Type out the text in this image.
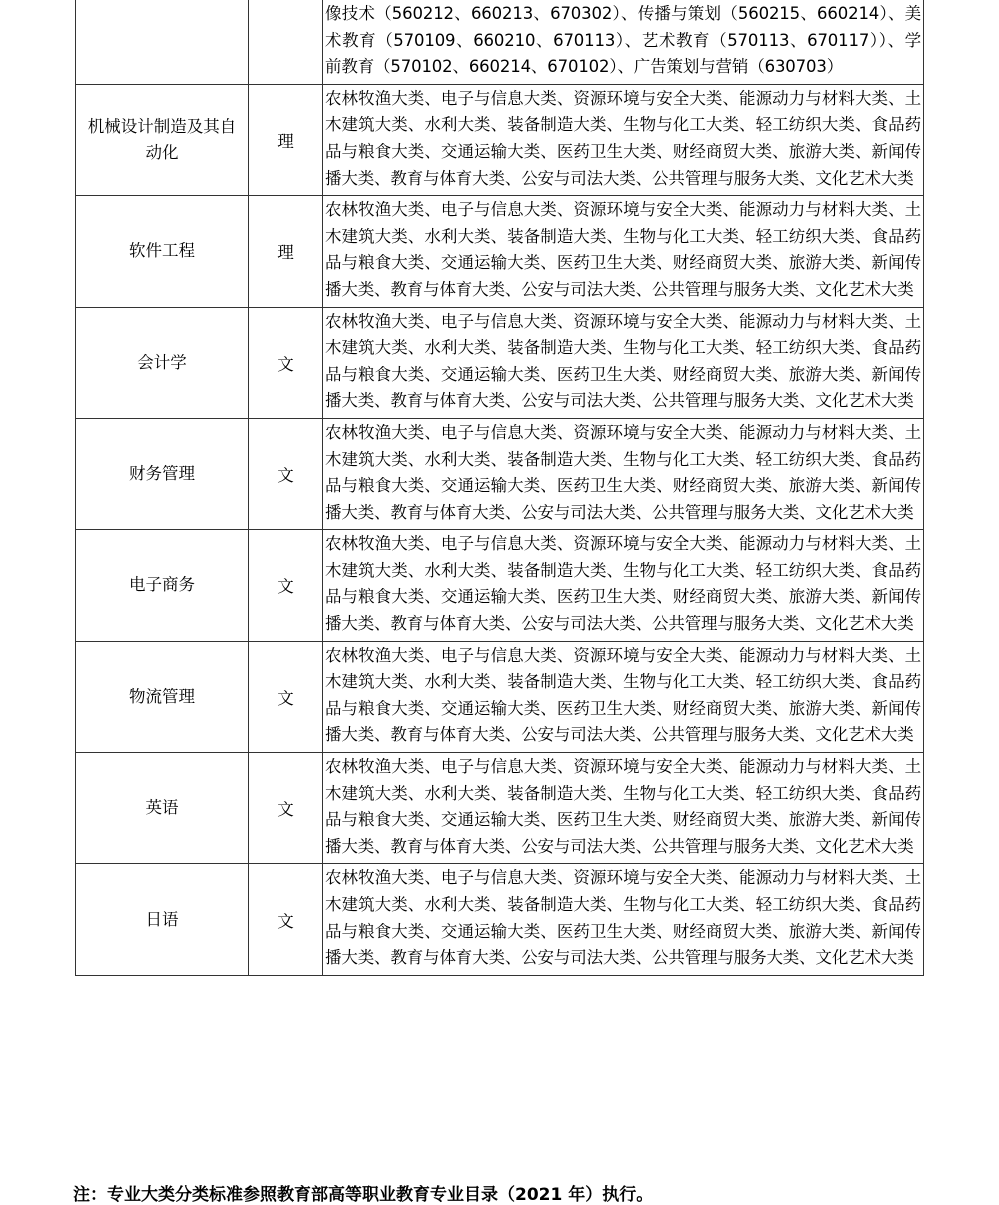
		像技术（560212、660213、670302）、传播与策划（560215、660214）、美术教育（570109、660210、670113）、艺术教育（570113、670117））、学前教育（570102、660214、670102）、广告策划与营销（630703）
机械设计制造及其自动化	理	农林牧渔大类、电子与信息大类、资源环境与安全大类、能源动力与材料大类、土木建筑大类、水利大类、装备制造大类、生物与化工大类、轻工纺织大类、食品药品与粮食大类、交通运输大类、医药卫生大类、财经商贸大类、旅游大类、新闻传播大类、教育与体育大类、公安与司法大类、公共管理与服务大类、文化艺术大类
软件工程	理	农林牧渔大类、电子与信息大类、资源环境与安全大类、能源动力与材料大类、土木建筑大类、水利大类、装备制造大类、生物与化工大类、轻工纺织大类、食品药品与粮食大类、交通运输大类、医药卫生大类、财经商贸大类、旅游大类、新闻传播大类、教育与体育大类、公安与司法大类、公共管理与服务大类、文化艺术大类
会计学	文	农林牧渔大类、电子与信息大类、资源环境与安全大类、能源动力与材料大类、土木建筑大类、水利大类、装备制造大类、生物与化工大类、轻工纺织大类、食品药品与粮食大类、交通运输大类、医药卫生大类、财经商贸大类、旅游大类、新闻传播大类、教育与体育大类、公安与司法大类、公共管理与服务大类、文化艺术大类
财务管理	文	农林牧渔大类、电子与信息大类、资源环境与安全大类、能源动力与材料大类、土木建筑大类、水利大类、装备制造大类、生物与化工大类、轻工纺织大类、食品药品与粮食大类、交通运输大类、医药卫生大类、财经商贸大类、旅游大类、新闻传播大类、教育与体育大类、公安与司法大类、公共管理与服务大类、文化艺术大类
电子商务	文	农林牧渔大类、电子与信息大类、资源环境与安全大类、能源动力与材料大类、土木建筑大类、水利大类、装备制造大类、生物与化工大类、轻工纺织大类、食品药品与粮食大类、交通运输大类、医药卫生大类、财经商贸大类、旅游大类、新闻传播大类、教育与体育大类、公安与司法大类、公共管理与服务大类、文化艺术大类
物流管理	文	农林牧渔大类、电子与信息大类、资源环境与安全大类、能源动力与材料大类、土木建筑大类、水利大类、装备制造大类、生物与化工大类、轻工纺织大类、食品药品与粮食大类、交通运输大类、医药卫生大类、财经商贸大类、旅游大类、新闻传播大类、教育与体育大类、公安与司法大类、公共管理与服务大类、文化艺术大类
英语	文	农林牧渔大类、电子与信息大类、资源环境与安全大类、能源动力与材料大类、土木建筑大类、水利大类、装备制造大类、生物与化工大类、轻工纺织大类、食品药品与粮食大类、交通运输大类、医药卫生大类、财经商贸大类、旅游大类、新闻传播大类、教育与体育大类、公安与司法大类、公共管理与服务大类、文化艺术大类
日语	文	农林牧渔大类、电子与信息大类、资源环境与安全大类、能源动力与材料大类、土木建筑大类、水利大类、装备制造大类、生物与化工大类、轻工纺织大类、食品药品与粮食大类、交通运输大类、医药卫生大类、财经商贸大类、旅游大类、新闻传播大类、教育与体育大类、公安与司法大类、公共管理与服务大类、文化艺术大类
注：专业大类分类标准参照教育部高等职业教育专业目录（2021 年）执行。
